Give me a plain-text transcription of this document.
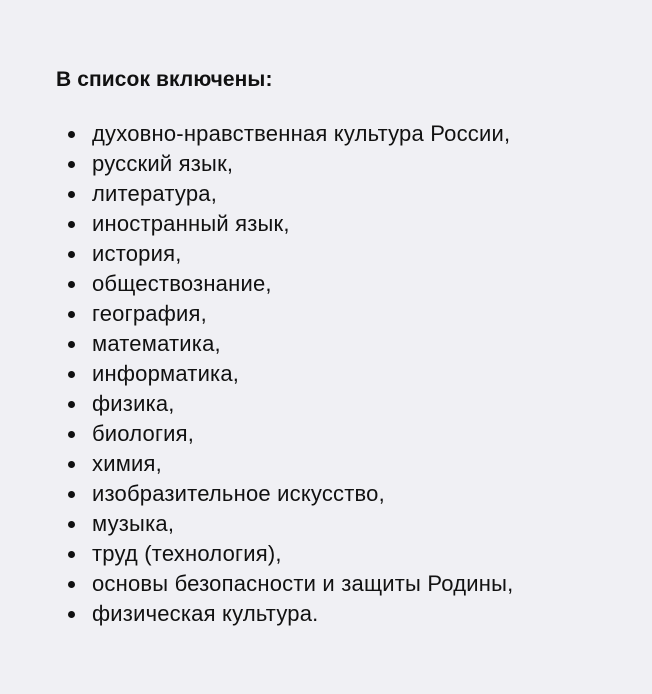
В список включены:
духовно-нравственная культура России,
русский язык,
литература,
иностранный язык,
история,
обществознание,
география,
математика,
информатика,
физика,
биология,
химия,
изобразительное искусство,
музыка,
труд (технология),
основы безопасности и защиты Родины,
физическая культура.
